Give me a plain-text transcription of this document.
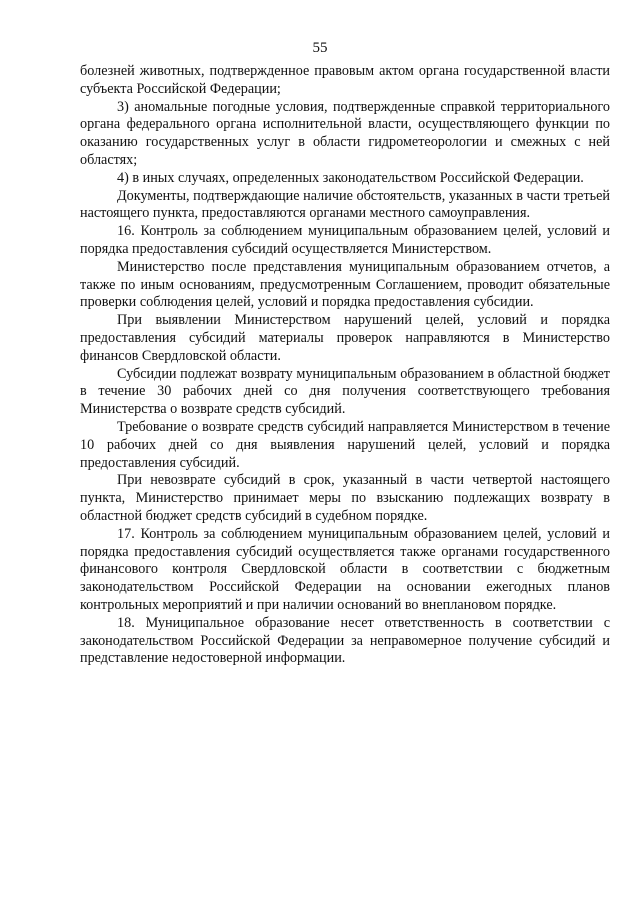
55

болезней животных, подтвержденное правовым актом органа государственной власти субъекта Российской Федерации;

3) аномальные погодные условия, подтвержденные справкой территориального органа федерального органа исполнительной власти, осуществляющего функции по оказанию государственных услуг в области гидрометеорологии и смежных с ней областях;

4) в иных случаях, определенных законодательством Российской Федерации.

Документы, подтверждающие наличие обстоятельств, указанных в части третьей настоящего пункта, предоставляются органами местного самоуправления.

16. Контроль за соблюдением муниципальным образованием целей, условий и порядка предоставления субсидий осуществляется Министерством.

Министерство после представления муниципальным образованием отчетов, а также по иным основаниям, предусмотренным Соглашением, проводит обязательные проверки соблюдения целей, условий и порядка предоставления субсидии.

При выявлении Министерством нарушений целей, условий и порядка предоставления субсидий материалы проверок направляются в Министерство финансов Свердловской области.

Субсидии подлежат возврату муниципальным образованием в областной бюджет в течение 30 рабочих дней со дня получения соответствующего требования Министерства о возврате средств субсидий.

Требование о возврате средств субсидий направляется Министерством в течение 10 рабочих дней со дня выявления нарушений целей, условий и порядка предоставления субсидий.

При невозврате субсидий в срок, указанный в части четвертой настоящего пункта, Министерство принимает меры по взысканию подлежащих возврату в областной бюджет средств субсидий в судебном порядке.

17. Контроль за соблюдением муниципальным образованием целей, условий и порядка предоставления субсидий осуществляется также органами государственного финансового контроля Свердловской области в соответствии с бюджетным законодательством Российской Федерации на основании ежегодных планов контрольных мероприятий и при наличии оснований во внеплановом порядке.

18. Муниципальное образование несет ответственность в соответствии с законодательством Российской Федерации за неправомерное получение субсидий и представление недостоверной информации.
